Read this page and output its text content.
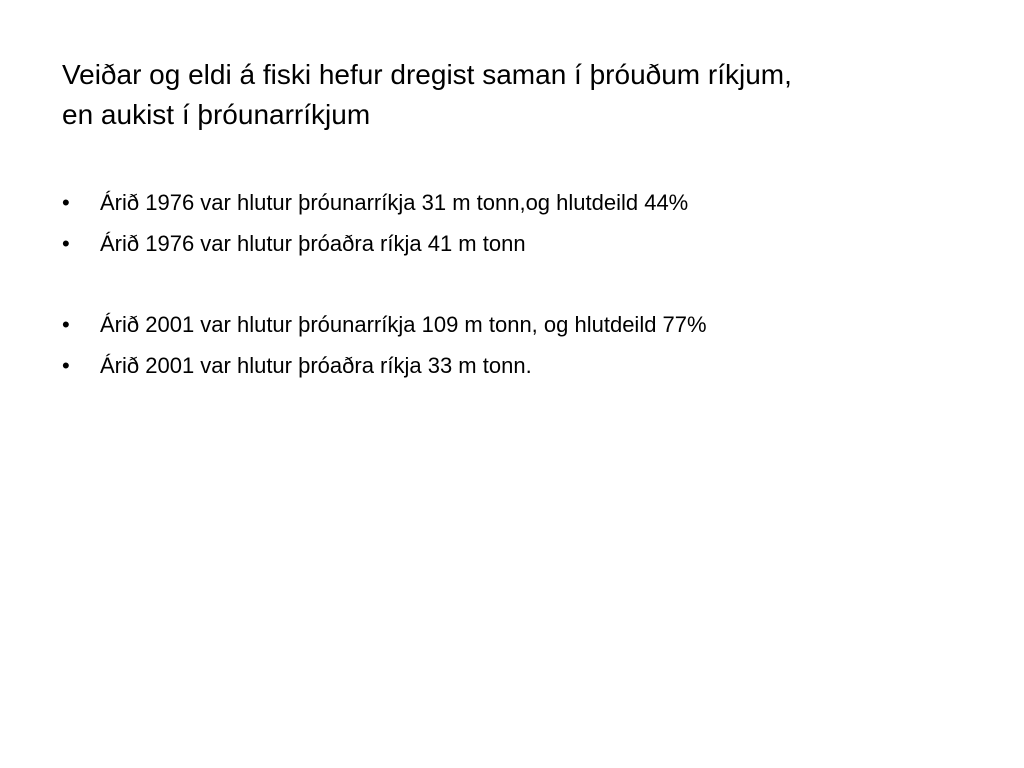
Veiðar og eldi á fiski hefur dregist saman í þróuðum ríkjum,
en aukist í þróunarríkjum
•	Árið 1976 var hlutur þróunarríkja 31 m tonn,og hlutdeild 44%
•	Árið 1976 var hlutur þróaðra ríkja 41 m tonn
•	Árið 2001 var hlutur þróunarríkja 109 m tonn, og hlutdeild 77%
•	Árið 2001 var hlutur þróaðra ríkja 33 m tonn.
